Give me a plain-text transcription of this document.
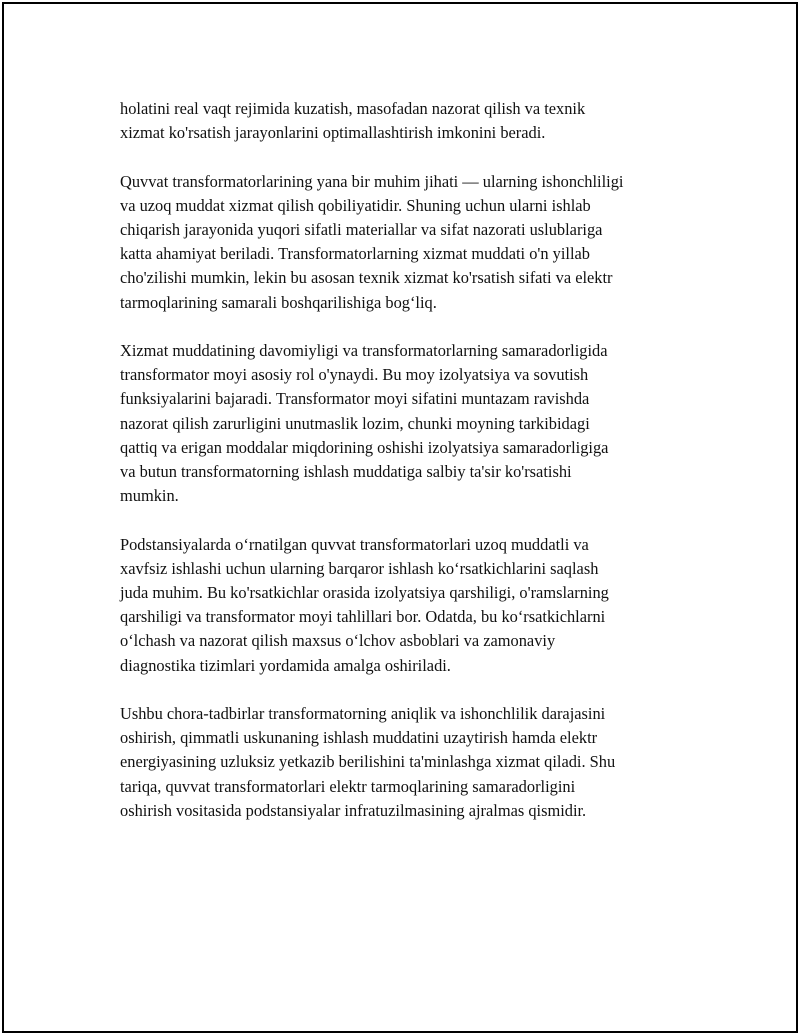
holatini real vaqt rejimida kuzatish, masofadan nazorat qilish va texnik
xizmat ko'rsatish jarayonlarini optimallashtirish imkonini beradi.

Quvvat transformatorlarining yana bir muhim jihati — ularning ishonchliligi
va uzoq muddat xizmat qilish qobiliyatidir. Shuning uchun ularni ishlab
chiqarish jarayonida yuqori sifatli materiallar va sifat nazorati uslublariga
katta ahamiyat beriladi. Transformatorlarning xizmat muddati o'n yillab
cho'zilishi mumkin, lekin bu asosan texnik xizmat ko'rsatish sifati va elektr
tarmoqlarining samarali boshqarilishiga bog‘liq.

Xizmat muddatining davomiyligi va transformatorlarning samaradorligida
transformator moyi asosiy rol o'ynaydi. Bu moy izolyatsiya va sovutish
funksiyalarini bajaradi. Transformator moyi sifatini muntazam ravishda
nazorat qilish zarurligini unutmaslik lozim, chunki moyning tarkibidagi
qattiq va erigan moddalar miqdorining oshishi izolyatsiya samaradorligiga
va butun transformatorning ishlash muddatiga salbiy ta'sir ko'rsatishi
mumkin.

Podstansiyalarda o‘rnatilgan quvvat transformatorlari uzoq muddatli va
xavfsiz ishlashi uchun ularning barqaror ishlash ko‘rsatkichlarini saqlash
juda muhim. Bu ko'rsatkichlar orasida izolyatsiya qarshiligi, o'ramslarning
qarshiligi va transformator moyi tahlillari bor. Odatda, bu ko‘rsatkichlarni
o‘lchash va nazorat qilish maxsus o‘lchov asboblari va zamonaviy
diagnostika tizimlari yordamida amalga oshiriladi.

Ushbu chora-tadbirlar transformatorning aniqlik va ishonchlilik darajasini
oshirish, qimmatli uskunaning ishlash muddatini uzaytirish hamda elektr
energiyasining uzluksiz yetkazib berilishini ta'minlashga xizmat qiladi. Shu
tariqa, quvvat transformatorlari elektr tarmoqlarining samaradorligini
oshirish vositasida podstansiyalar infratuzilmasining ajralmas qismidir.
